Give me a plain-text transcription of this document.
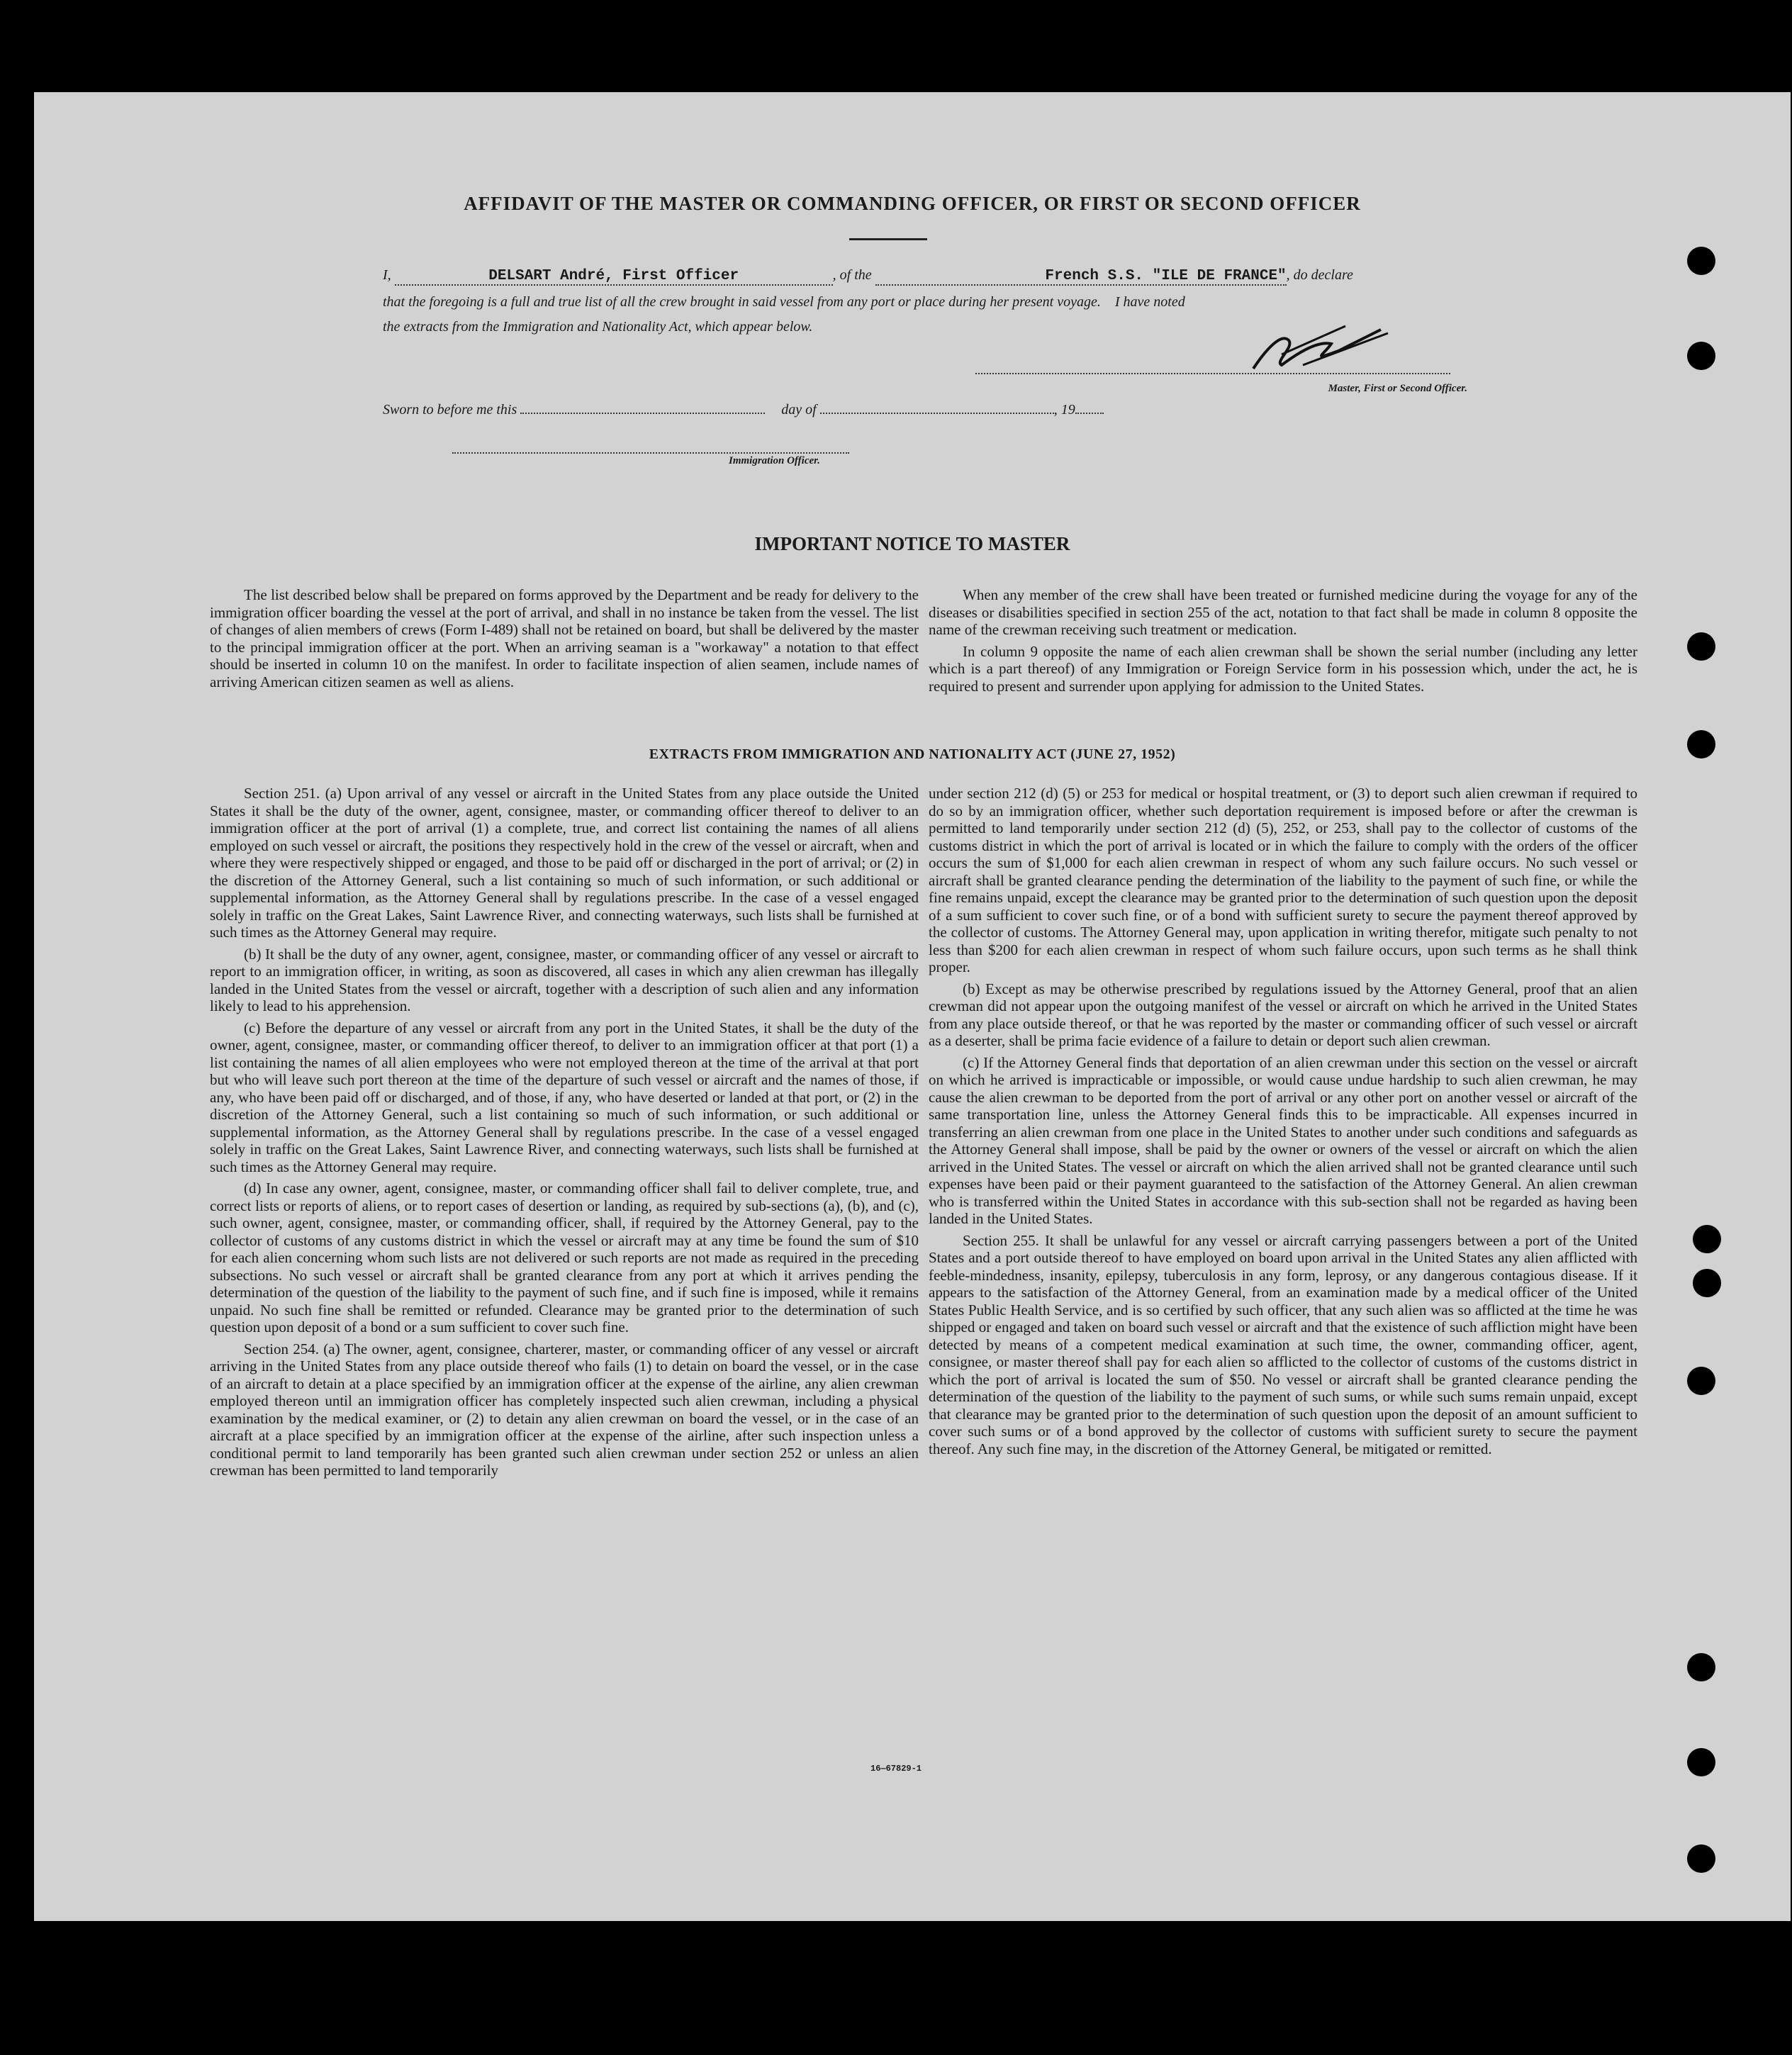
AFFIDAVIT OF THE MASTER OR COMMANDING OFFICER, OR FIRST OR SECOND OFFICER
I,	DELSART André, First Officer	, of the	French S.S. "ILE DE FRANCE", do declare
that the foregoing is a full and true list of all the crew brought in said vessel from any port or place during her present voyage.    I have noted
the extracts from the Immigration and Nationality Act, which appear below.
Master, First or Second Officer.
Sworn to before me this	day of	, 19
Immigration Officer.
IMPORTANT NOTICE TO MASTER

The list described below shall be prepared on forms approved by the Department and be ready for delivery to the immigration officer boarding the vessel at the port of arrival, and shall in no instance be taken from the vessel. The list of changes of alien members of crews (Form I-489) shall not be retained on board, but shall be delivered by the master to the principal immigration officer at the port. When an arriving seaman is a "workaway" a notation to that effect should be inserted in column 10 on the manifest. In order to facilitate inspection of alien seamen, include names of arriving American citizen seamen as well as aliens.

When any member of the crew shall have been treated or furnished medicine during the voyage for any of the diseases or disabilities specified in section 255 of the act, notation to that fact shall be made in column 8 opposite the name of the crewman receiving such treatment or medication.

In column 9 opposite the name of each alien crewman shall be shown the serial number (including any letter which is a part thereof) of any Immigration or Foreign Service form in his possession which, under the act, he is required to present and surrender upon applying for admission to the United States.

EXTRACTS FROM IMMIGRATION AND NATIONALITY ACT (JUNE 27, 1952)

Section 251. (a) Upon arrival of any vessel or aircraft in the United States from any place outside the United States it shall be the duty of the owner, agent, consignee, master, or commanding officer thereof to deliver to an immigration officer at the port of arrival (1) a complete, true, and correct list containing the names of all aliens employed on such vessel or aircraft, the positions they respectively hold in the crew of the vessel or aircraft, when and where they were respectively shipped or engaged, and those to be paid off or discharged in the port of arrival; or (2) in the discretion of the Attorney General, such a list containing so much of such information, or such additional or supplemental information, as the Attorney General shall by regulations prescribe. In the case of a vessel engaged solely in traffic on the Great Lakes, Saint Lawrence River, and connecting waterways, such lists shall be furnished at such times as the Attorney General may require.

(b) It shall be the duty of any owner, agent, consignee, master, or commanding officer of any vessel or aircraft to report to an immigration officer, in writing, as soon as discovered, all cases in which any alien crewman has illegally landed in the United States from the vessel or aircraft, together with a description of such alien and any information likely to lead to his apprehension.

(c) Before the departure of any vessel or aircraft from any port in the United States, it shall be the duty of the owner, agent, consignee, master, or commanding officer thereof, to deliver to an immigration officer at that port (1) a list containing the names of all alien employees who were not employed thereon at the time of the arrival at that port but who will leave such port thereon at the time of the departure of such vessel or aircraft and the names of those, if any, who have been paid off or discharged, and of those, if any, who have deserted or landed at that port, or (2) in the discretion of the Attorney General, such a list containing so much of such information, or such additional or supplemental information, as the Attorney General shall by regulations prescribe. In the case of a vessel engaged solely in traffic on the Great Lakes, Saint Lawrence River, and connecting waterways, such lists shall be furnished at such times as the Attorney General may require.

(d) In case any owner, agent, consignee, master, or commanding officer shall fail to deliver complete, true, and correct lists or reports of aliens, or to report cases of desertion or landing, as required by sub-sections (a), (b), and (c), such owner, agent, consignee, master, or commanding officer, shall, if required by the Attorney General, pay to the collector of customs of any customs district in which the vessel or aircraft may at any time be found the sum of $10 for each alien concerning whom such lists are not delivered or such reports are not made as required in the preceding subsections. No such vessel or aircraft shall be granted clearance from any port at which it arrives pending the determination of the question of the liability to the payment of such fine, and if such fine is imposed, while it remains unpaid. No such fine shall be remitted or refunded. Clearance may be granted prior to the determination of such question upon deposit of a bond or a sum sufficient to cover such fine.

Section 254. (a) The owner, agent, consignee, charterer, master, or commanding officer of any vessel or aircraft arriving in the United States from any place outside thereof who fails (1) to detain on board the vessel, or in the case of an aircraft to detain at a place specified by an immigration officer at the expense of the airline, any alien crewman employed thereon until an immigration officer has completely inspected such alien crewman, including a physical examination by the medical examiner, or (2) to detain any alien crewman on board the vessel, or in the case of an aircraft at a place specified by an immigration officer at the expense of the airline, after such inspection unless a conditional permit to land temporarily has been granted such alien crewman under section 252 or unless an alien crewman has been permitted to land temporarily

under section 212 (d) (5) or 253 for medical or hospital treatment, or (3) to deport such alien crewman if required to do so by an immigration officer, whether such deportation requirement is imposed before or after the crewman is permitted to land temporarily under section 212 (d) (5), 252, or 253, shall pay to the collector of customs of the customs district in which the port of arrival is located or in which the failure to comply with the orders of the officer occurs the sum of $1,000 for each alien crewman in respect of whom any such failure occurs. No such vessel or aircraft shall be granted clearance pending the determination of the liability to the payment of such fine, or while the fine remains unpaid, except the clearance may be granted prior to the determination of such question upon the deposit of a sum sufficient to cover such fine, or of a bond with sufficient surety to secure the payment thereof approved by the collector of customs. The Attorney General may, upon application in writing therefor, mitigate such penalty to not less than $200 for each alien crewman in respect of whom such failure occurs, upon such terms as he shall think proper.

(b) Except as may be otherwise prescribed by regulations issued by the Attorney General, proof that an alien crewman did not appear upon the outgoing manifest of the vessel or aircraft on which he arrived in the United States from any place outside thereof, or that he was reported by the master or commanding officer of such vessel or aircraft as a deserter, shall be prima facie evidence of a failure to detain or deport such alien crewman.

(c) If the Attorney General finds that deportation of an alien crewman under this section on the vessel or aircraft on which he arrived is impracticable or impossible, or would cause undue hardship to such alien crewman, he may cause the alien crewman to be deported from the port of arrival or any other port on another vessel or aircraft of the same transportation line, unless the Attorney General finds this to be impracticable. All expenses incurred in transferring an alien crewman from one place in the United States to another under such conditions and safeguards as the Attorney General shall impose, shall be paid by the owner or owners of the vessel or aircraft on which the alien arrived in the United States. The vessel or aircraft on which the alien arrived shall not be granted clearance until such expenses have been paid or their payment guaranteed to the satisfaction of the Attorney General. An alien crewman who is transferred within the United States in accordance with this sub-section shall not be regarded as having been landed in the United States.

Section 255. It shall be unlawful for any vessel or aircraft carrying passengers between a port of the United States and a port outside thereof to have employed on board upon arrival in the United States any alien afflicted with feeble-mindedness, insanity, epilepsy, tuberculosis in any form, leprosy, or any dangerous contagious disease. If it appears to the satisfaction of the Attorney General, from an examination made by a medical officer of the United States Public Health Service, and is so certified by such officer, that any such alien was so afflicted at the time he was shipped or engaged and taken on board such vessel or aircraft and that the existence of such affliction might have been detected by means of a competent medical examination at such time, the owner, commanding officer, agent, consignee, or master thereof shall pay for each alien so afflicted to the collector of customs of the customs district in which the port of arrival is located the sum of $50. No vessel or aircraft shall be granted clearance pending the determination of the question of the liability to the payment of such sums, or while such sums remain unpaid, except that clearance may be granted prior to the determination of such question upon the deposit of an amount sufficient to cover such sums or of a bond approved by the collector of customs with sufficient surety to secure the payment thereof. Any such fine may, in the discretion of the Attorney General, be mitigated or remitted.

16—67829-1
